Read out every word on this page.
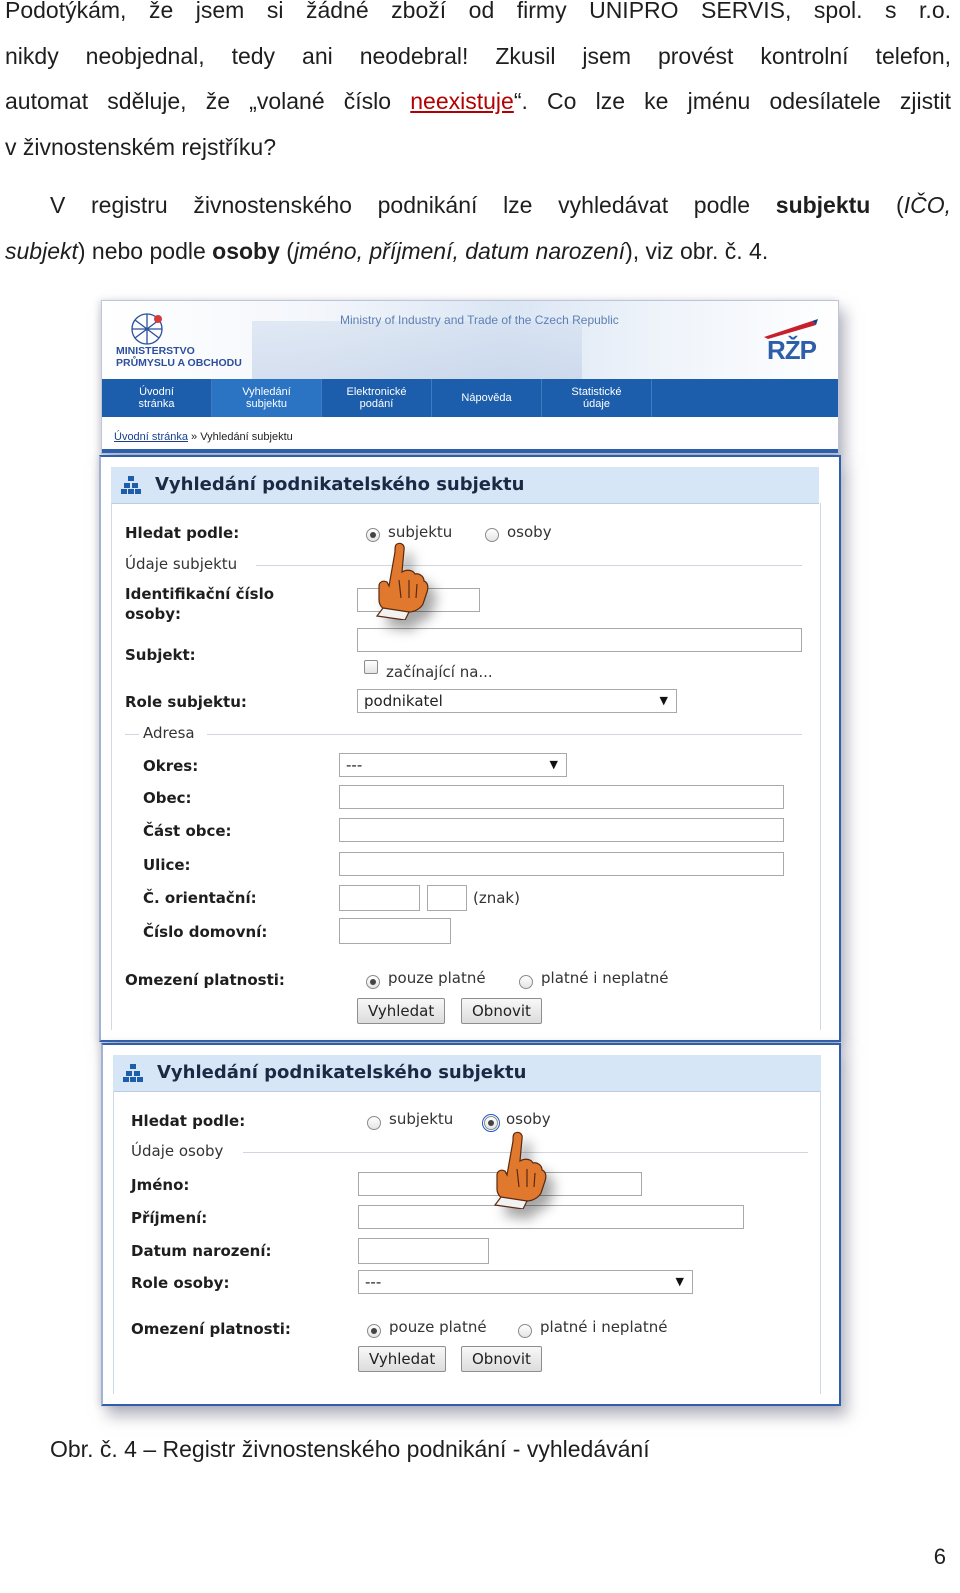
Podotýkám, že jsem si žádné zboží od firmy UNIPRO SERVIS, spol. s r.o.
nikdy neobjednal, tedy ani neodebral! Zkusil jsem provést kontrolní telefon,
automat sděluje, že „volané číslo neexistuje“. Co lze ke jménu odesílatele zjistit
v živnostenském rejstříku?
V registru živnostenského podnikání lze vyhledávat podle subjektu (IČO,
subjekt) nebo podle osoby (jméno, příjmení, datum narození), viz obr. č. 4.
MINISTERSTVO
PRŮMYSLU A OBCHODU
Ministry of Industry and Trade of the Czech Republic
RŽP
Úvodní
stránka
Vyhledání
subjektu
Elektronické
podání	Nápověda	Statistické
údaje
Úvodní stránka » Vyhledání subjektu
Vyhledání podnikatelského subjektu
Hledat podle:	subjektu	osoby
Údaje subjektu
Identifikační číslo
osoby:
Subjekt:
začínající na...
Role subjektu:	podnikatel	▼
Adresa
Okres:	---	▼
Obec:
Část obce:
Ulice:
Č. orientační:	(znak)
Číslo domovní:
Omezení platnosti:	pouze platné	platné i neplatné
Vyhledat	Obnovit
Vyhledání podnikatelského subjektu
Hledat podle:	subjektu	osoby
Údaje osoby
Jméno:
Příjmení:
Datum narození:
Role osoby:	---	▼
Omezení platnosti:	pouze platné	platné i neplatné
Vyhledat	Obnovit
Obr. č. 4 – Registr živnostenského podnikání - vyhledávání
6
